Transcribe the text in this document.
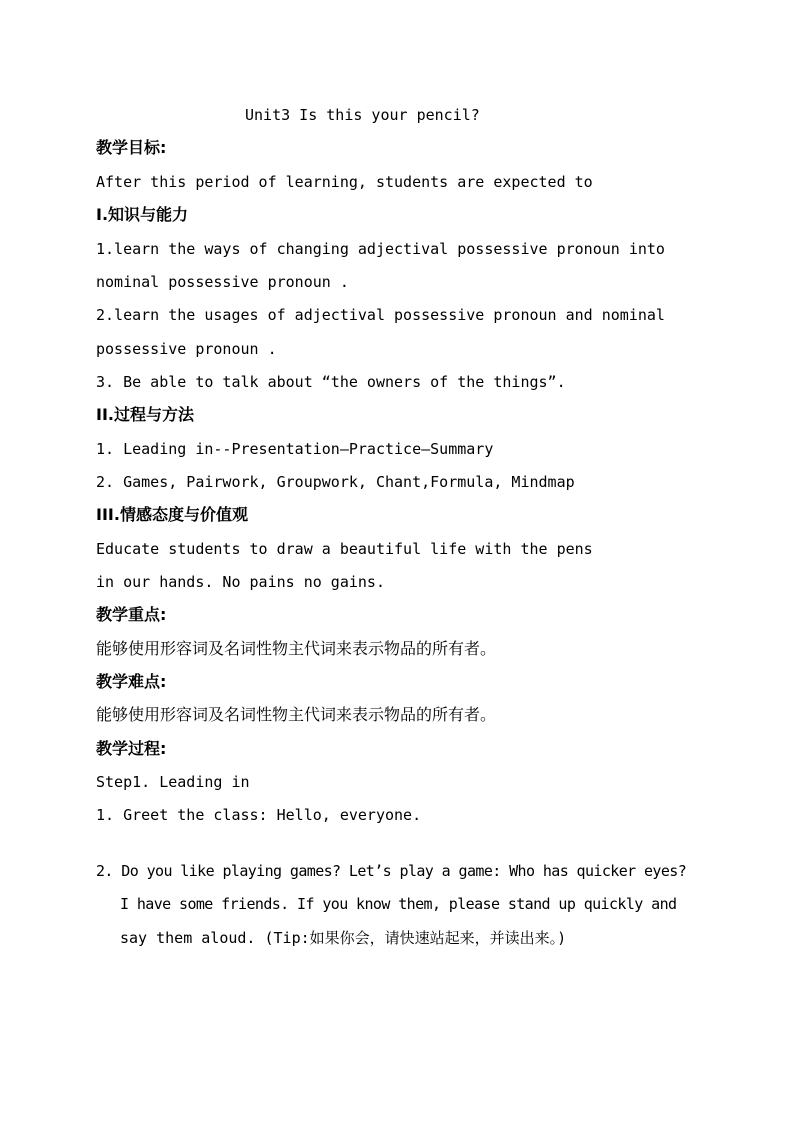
Unit3 Is this your pencil?
教学目标:
After this period of learning, students are expected to
I.知识与能力
1.learn the ways of changing adjectival possessive pronoun into
nominal possessive pronoun .
2.learn the usages of adjectival possessive pronoun and nominal
possessive pronoun .
3. Be able to talk about “the owners of the things”.
II.过程与方法
1. Leading in--Presentation—Practice—Summary
2. Games, Pairwork, Groupwork, Chant,Formula, Mindmap
III.情感态度与价值观
Educate students to draw a beautiful life with the pens
in our hands. No pains no gains.
教学重点:
能够使用形容词及名词性物主代词来表示物品的所有者。
教学难点:
能够使用形容词及名词性物主代词来表示物品的所有者。
教学过程:
Step1. Leading in
1. Greet the class: Hello, everyone.
2. Do you like playing games? Let’s play a game: Who has quicker eyes?
I have some friends. If you know them, please stand up quickly and
say them aloud. (Tip:如果你会，请快速站起来，并读出来。)
